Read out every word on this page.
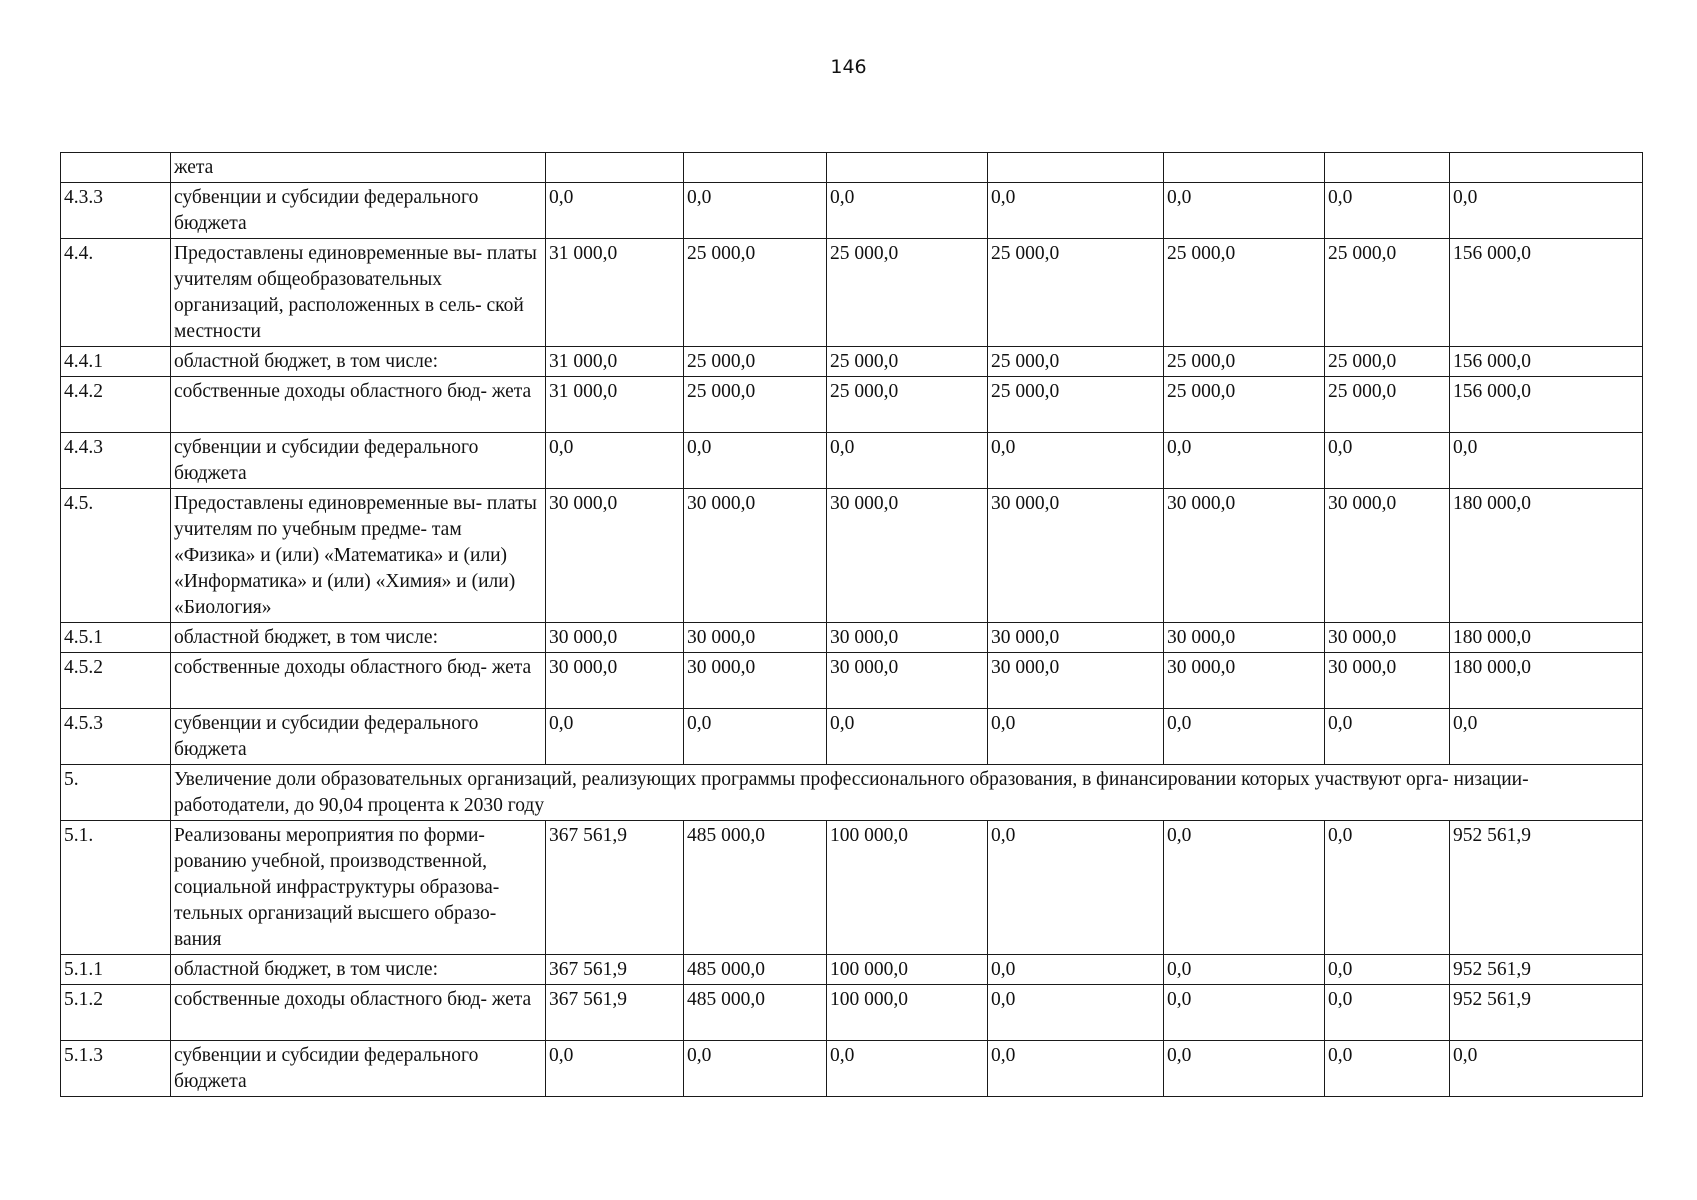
146
	жета							
4.3.3	субвенции и субсидии федерального бюджета	0,0	0,0	0,0	0,0	0,0	0,0	0,0
4.4.	Предоставлены единовременные вы- платы учителям общеобразовательных организаций, расположенных в сель- ской местности	31 000,0	25 000,0	25 000,0	25 000,0	25 000,0	25 000,0	156 000,0
4.4.1	областной бюджет, в том числе:	31 000,0	25 000,0	25 000,0	25 000,0	25 000,0	25 000,0	156 000,0
4.4.2	собственные доходы областного бюд- жета	31 000,0	25 000,0	25 000,0	25 000,0	25 000,0	25 000,0	156 000,0
4.4.3	субвенции и субсидии федерального бюджета	0,0	0,0	0,0	0,0	0,0	0,0	0,0
4.5.	Предоставлены единовременные вы- платы учителям по учебным предме- там «Физика» и (или) «Математика» и (или) «Информатика» и (или) «Химия» и (или) «Биология»	30 000,0	30 000,0	30 000,0	30 000,0	30 000,0	30 000,0	180 000,0
4.5.1	областной бюджет, в том числе:	30 000,0	30 000,0	30 000,0	30 000,0	30 000,0	30 000,0	180 000,0
4.5.2	собственные доходы областного бюд- жета	30 000,0	30 000,0	30 000,0	30 000,0	30 000,0	30 000,0	180 000,0
4.5.3	субвенции и субсидии федерального бюджета	0,0	0,0	0,0	0,0	0,0	0,0	0,0
5.	Увеличение доли образовательных организаций, реализующих программы профессионального образования, в финансировании которых участвуют орга- низации-работодатели, до 90,04 процента к 2030 году							
5.1.	Реализованы мероприятия по форми- рованию учебной, производственной, социальной инфраструктуры образова- тельных организаций высшего образо- вания	367 561,9	485 000,0	100 000,0	0,0	0,0	0,0	952 561,9
5.1.1	областной бюджет, в том числе:	367 561,9	485 000,0	100 000,0	0,0	0,0	0,0	952 561,9
5.1.2	собственные доходы областного бюд- жета	367 561,9	485 000,0	100 000,0	0,0	0,0	0,0	952 561,9
5.1.3	субвенции и субсидии федерального бюджета	0,0	0,0	0,0	0,0	0,0	0,0	0,0
